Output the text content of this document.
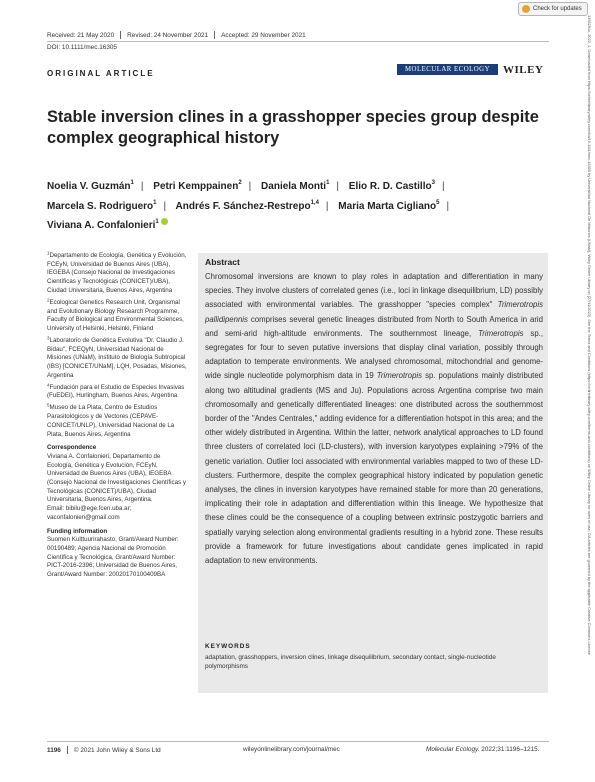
Check for updates
Received: 21 May 2020 Revised: 24 November 2021 Accepted: 29 November 2021
DOI: 10.1111/mec.16305
ORIGINAL ARTICLE	MOLECULAR ECOLOGY WILEY
Stable inversion clines in a grasshopper species group despite complex geographical history
Noelia V. Guzmán$^1$ | Petri Kemppainen$^2$ | Daniela Monti$^1$ | Elio R. D. Castillo$^3$ |
Marcela S. Rodriguero$^1$ | Andrés F. Sánchez-Restrepo$^{1,4}$ | Maria Marta Cigliano$^5$ |
Viviana A. Confalonieri$^1$
$^1$Departamento de Ecología, Genética y Evolución, FCEyN, Universidad de Buenos Aires (UBA), IEGEBA (Consejo Nacional de Investigaciones Científicas y Tecnológicas (CONICET)/UBA), Ciudad Universitaria, Buenos Aires, Argentina
$^2$Ecological Genetics Research Unit, Organismal and Evolutionary Biology Research Programme, Faculty of Biological and Environmental Sciences, University of Helsinki, Helsinki, Finland
$^3$Laboratorio de Genética Evolutiva "Dr. Claudio J. Bidau", FCEQyN, Universidad Nacional de Misiones (UNaM), Instituto de Biología Subtropical (IBS) [CONICET/UNaM], LQH, Posadas, Misiones, Argentina
$^4$Fundación para el Estudio de Especies Invasivas (FuEDEI), Hurlingham, Buenos Aires, Argentina
$^5$Museo de La Plata, Centro de Estudios Parasitológicos y de Vectores (CEPAVE-CONICET/UNLP), Universidad Nacional de La Plata, Buenos Aires, Argentina
Correspondence
Viviana A. Confalonieri, Departamento de Ecología, Genética y Evolución, FCEyN, Universidad de Buenos Aires (UBA), IEGEBA (Consejo Nacional de Investigaciones Científicas y Tecnológicas (CONICET)/UBA), Ciudad Universitaria, Buenos Aires, Argentina.
Email: bibilu@ege.fcen.uba.ar; vaconfalonieri@gmail.com
Funding information
Suomen Kulttuurirahasto, Grant/Award Number: 00190489; Agencia Nacional de Promoción Científica y Tecnológica, Grant/Award Number: PICT-2016-2396; Universidad de Buenos Aires, Grant/Award Number: 20020170100409BA
Abstract

Chromosomal inversions are known to play roles in adaptation and differentiation in many species. They involve clusters of correlated genes (i.e., loci in linkage disequilibrium, LD) possibly associated with environmental variables. The grasshopper "species complex" Trimerotropis pallidipennis comprises several genetic lineages distributed from North to South America in arid and semi-arid high-altitude environments. The southernmost lineage, Trimerotropis sp., segregates for four to seven putative inversions that display clinal variation, possibly through adaptation to temperate environments. We analysed chromosomal, mitochondrial and genome-wide single nucleotide polymorphism data in 19 Trimerotropis sp. populations mainly distributed along two altitudinal gradients (MS and Ju). Populations across Argentina comprise two main chromosomally and genetically differentiated lineages: one distributed across the southernmost border of the "Andes Centrales," adding evidence for a differentiation hotspot in this area; and the other widely distributed in Argentina. Within the latter, network analytical approaches to LD found three clusters of correlated loci (LD-clusters), with inversion karyotypes explaining >79% of the genetic variation. Outlier loci associated with environmental variables mapped to two of these LD-clusters. Furthermore, despite the complex geographical history indicated by population genetic analyses, the clines in inversion karyotypes have remained stable for more than 20 generations, implicating their role in adaptation and differentiation within this lineage. We hypothesize that these clines could be the consequence of a coupling between extrinsic postzygotic barriers and spatially varying selection along environmental gradients resulting in a hybrid zone. These results provide a framework for future investigations about candidate genes implicated in rapid adaptation to new environments.

KEYWORDS
adaptation, grasshoppers, inversion clines, linkage disequilibrium, secondary contact, single-nucleotide polymorphisms
1196 © 2021 John Wiley & Sons Ltd	wileyonlinelibrary.com/journal/mec	Molecular Ecology. 2022;31:1196–1215.
1365294x, 2022, 4, Downloaded from https://onlinelibrary.wiley.com/doi/10.1111/mec.16305 by Universidad Nacional De Misiones (UNaM), Wiley Online Library on [27/11/2023]. See the Terms and Conditions (https://onlinelibrary.wiley.com/terms-and-conditions) on Wiley Online Library for rules of use; OA articles are governed by the applicable Creative Commons License
